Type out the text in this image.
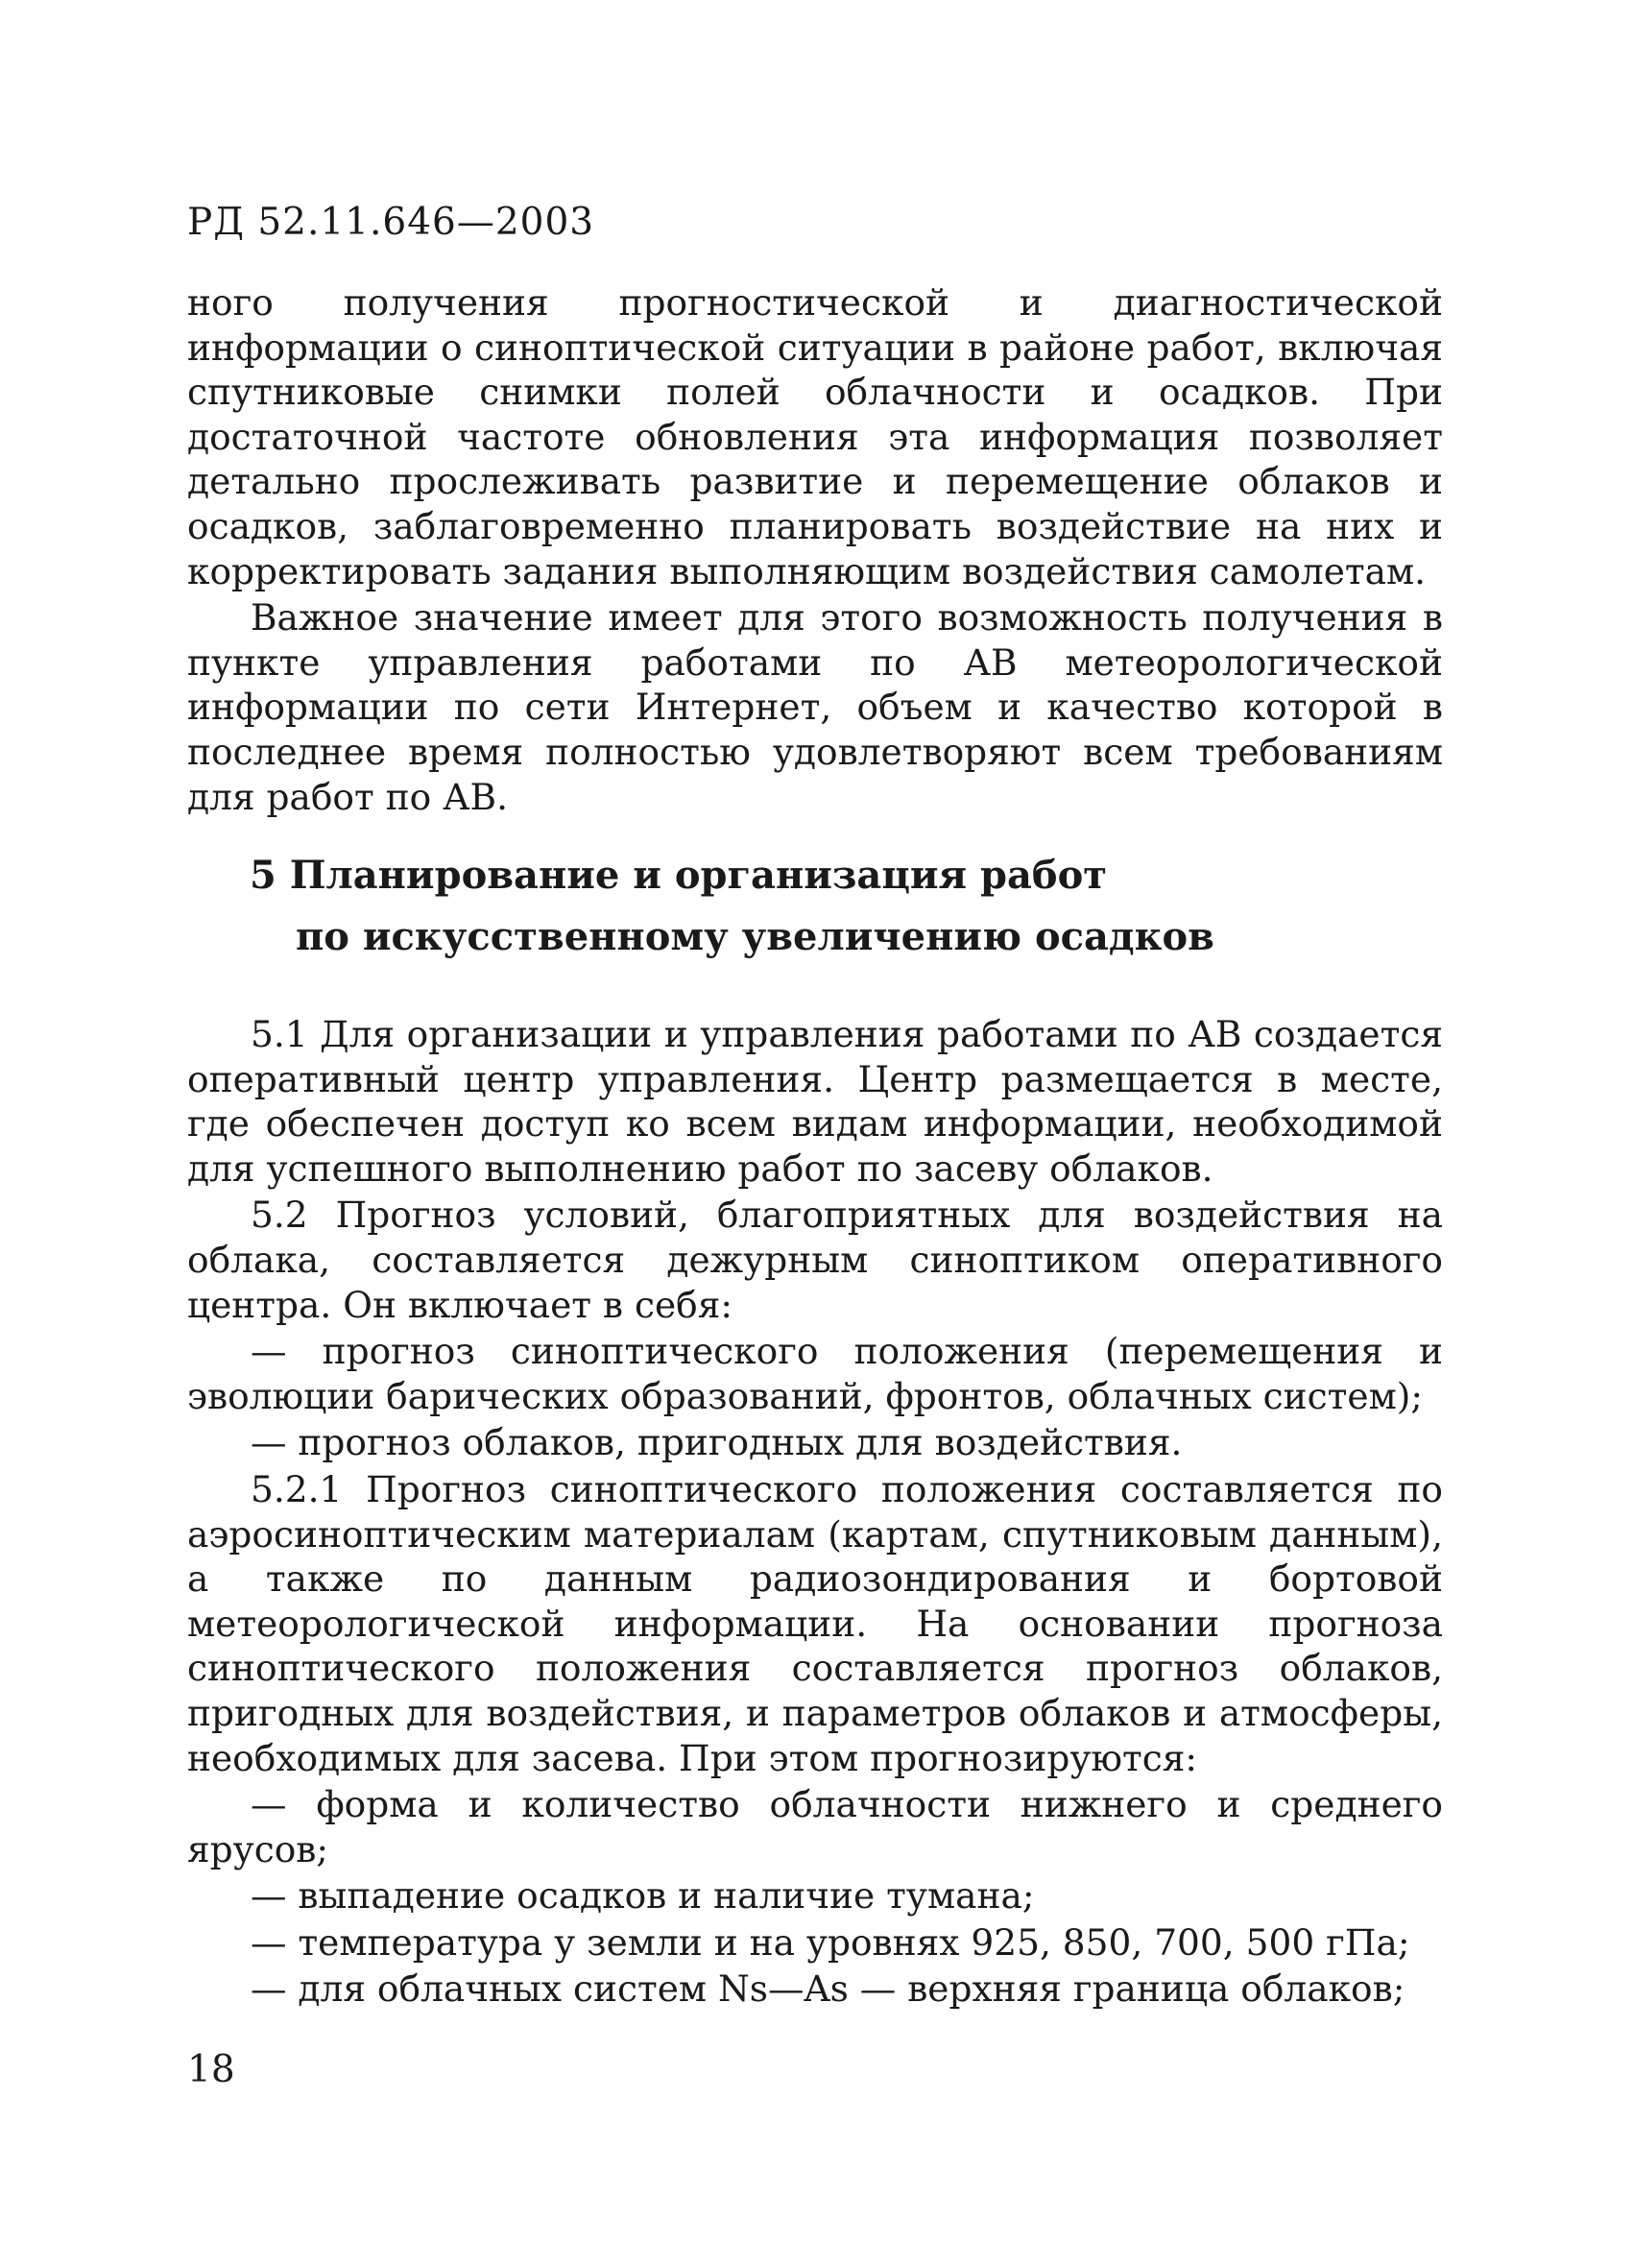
РД 52.11.646—2003

ного получения прогностической и диагностической информации о синоптической ситуации в районе работ, включая спутниковые снимки полей облачности и осадков. При достаточной частоте обновления эта информация позволяет детально прослеживать развитие и перемещение облаков и осадков, заблаговременно планировать воздействие на них и корректировать задания выполняющим воздействия самолетам.

Важное значение имеет для этого возможность получения в пункте управления работами по АВ метеорологической информации по сети Интернет, объем и качество которой в последнее время полностью удовлетворяют всем требованиям для работ по АВ.

5 Планирование и организация работ
по искусственному увеличению осадков

5.1 Для организации и управления работами по АВ создается оперативный центр управления. Центр размещается в месте, где обеспечен доступ ко всем видам информации, необходимой для успешного выполнению работ по засеву облаков.

5.2 Прогноз условий, благоприятных для воздействия на облака, составляется дежурным синоптиком оперативного центра. Он включает в себя:

— прогноз синоптического положения (перемещения и эволюции барических образований, фронтов, облачных систем);

— прогноз облаков, пригодных для воздействия.

5.2.1 Прогноз синоптического положения составляется по аэросиноптическим материалам (картам, спутниковым данным), а также по данным радиозондирования и бортовой метеорологической информации. На основании прогноза синоптического положения составляется прогноз облаков, пригодных для воздействия, и параметров облаков и атмосферы, необходимых для засева. При этом прогнозируются:

— форма и количество облачности нижнего и среднего ярусов;

— выпадение осадков и наличие тумана;

— температура у земли и на уровнях 925, 850, 700, 500 гПа;

— для облачных систем Ns—As — верхняя граница облаков;

18
